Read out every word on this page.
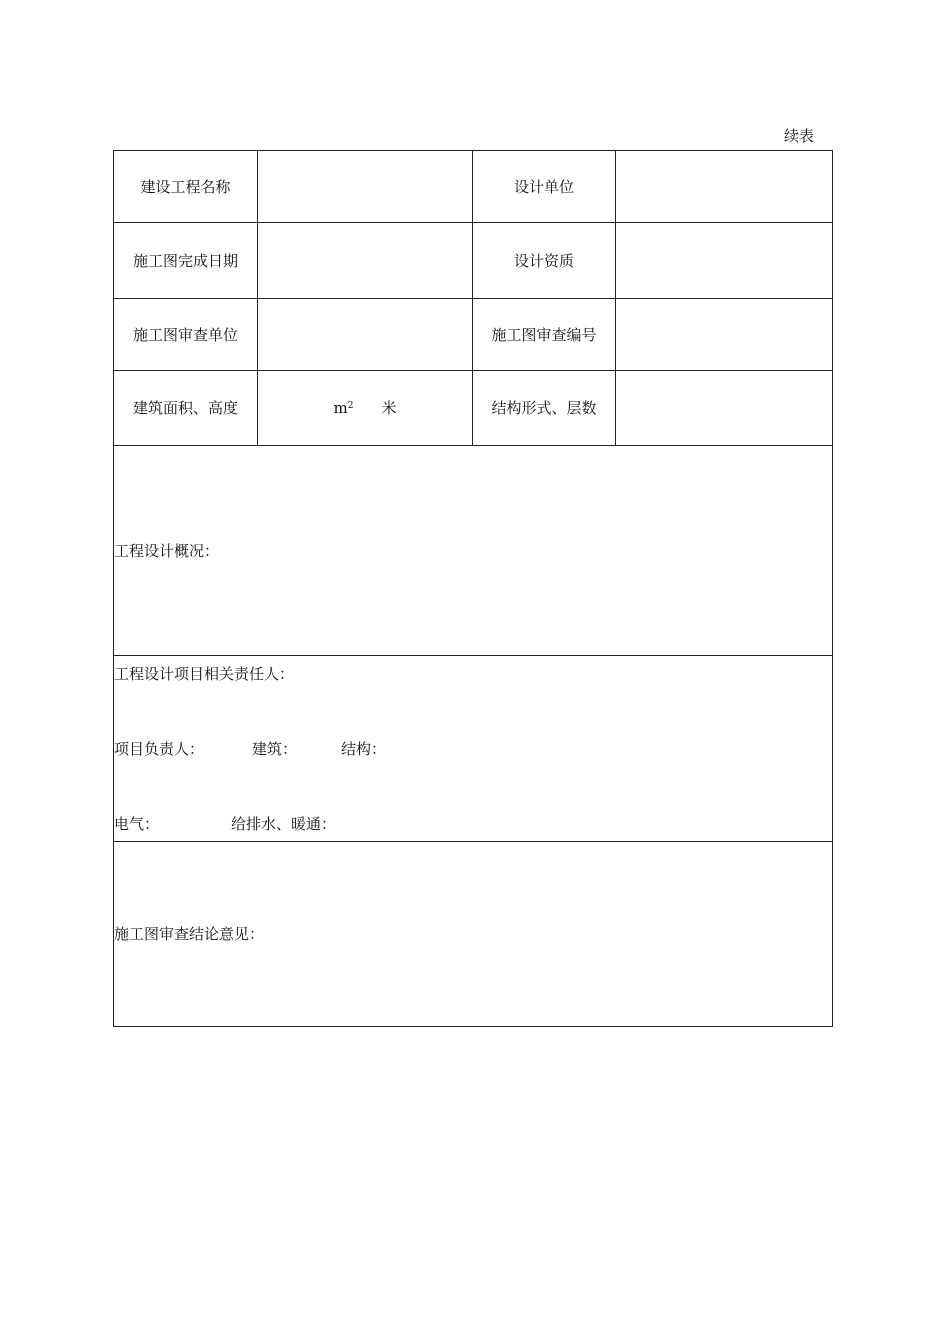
续表
建设工程名称		设计单位	
施工图完成日期		设计资质	
施工图审查单位		施工图审查编号	
建筑面积、高度	$m^2$ 米	结构形式、层数	

工程设计概况：			

工程设计项目相关责任人：
项目负责人： 建筑： 结构：
电气： 给排水、暖通：			

施工图审查结论意见：			
